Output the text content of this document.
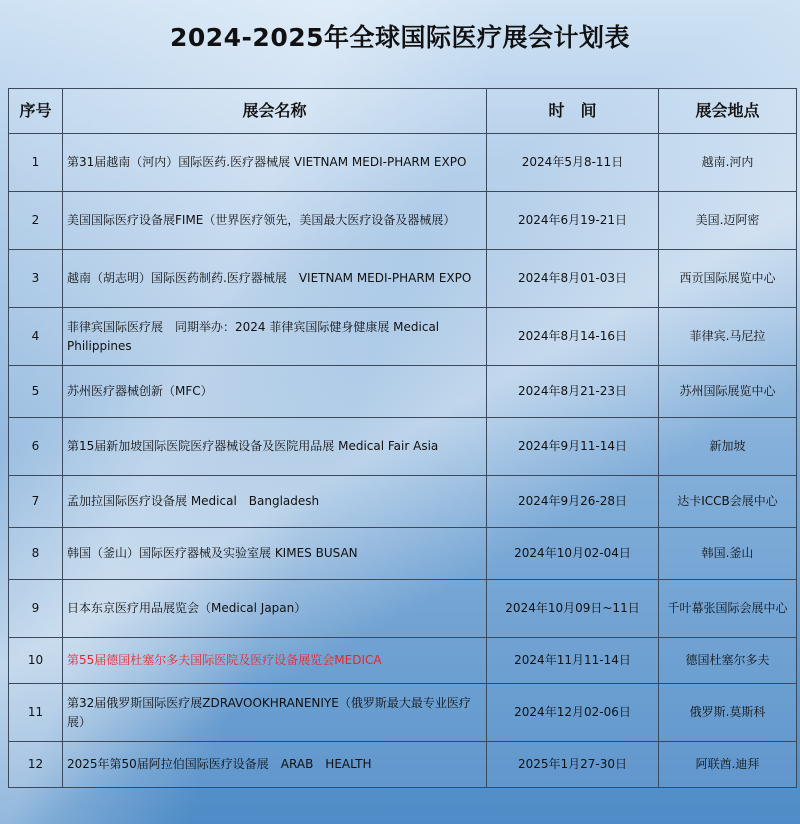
2024-2025年全球国际医疗展会计划表
序号	展会名称	时　间	展会地点
1	第31届越南（河内）国际医药.医疗器械展 VIETNAM MEDI-PHARM EXPO	2024年5月8-11日	越南.河内
2	美国国际医疗设备展FIME（世界医疗领先，美国最大医疗设备及器械展）	2024年6月19-21日	美国.迈阿密
3	越南（胡志明）国际医药制药.医疗器械展　VIETNAM MEDI-PHARM EXPO	2024年8月01-03日	西贡国际展览中心
4	菲律宾国际医疗展　同期举办：2024 菲律宾国际健身健康展 Medical Philippines	2024年8月14-16日	菲律宾.马尼拉
5	苏州医疗器械创新（MFC）	2024年8月21-23日	苏州国际展览中心
6	第15届新加坡国际医院医疗器械设备及医院用品展 Medical Fair Asia	2024年9月11-14日	新加坡
7	孟加拉国际医疗设备展 Medical　Bangladesh	2024年9月26-28日	达卡ICCB会展中心
8	韩国（釜山）国际医疗器械及实验室展 KIMES BUSAN	2024年10月02-04日	韩国.釜山
9	日本东京医疗用品展览会（Medical Japan）	2024年10月09日~11日	千叶幕张国际会展中心
10	第55届德国杜塞尔多夫国际医院及医疗设备展览会MEDICA	2024年11月11-14日	德国杜塞尔多夫
11	第32届俄罗斯国际医疗展ZDRAVOOKHRANENIYE（俄罗斯最大最专业医疗展）	2024年12月02-06日	俄罗斯.莫斯科
12	2025年第50届阿拉伯国际医疗设备展　ARAB　HEALTH	2025年1月27-30日	阿联酋.迪拜
